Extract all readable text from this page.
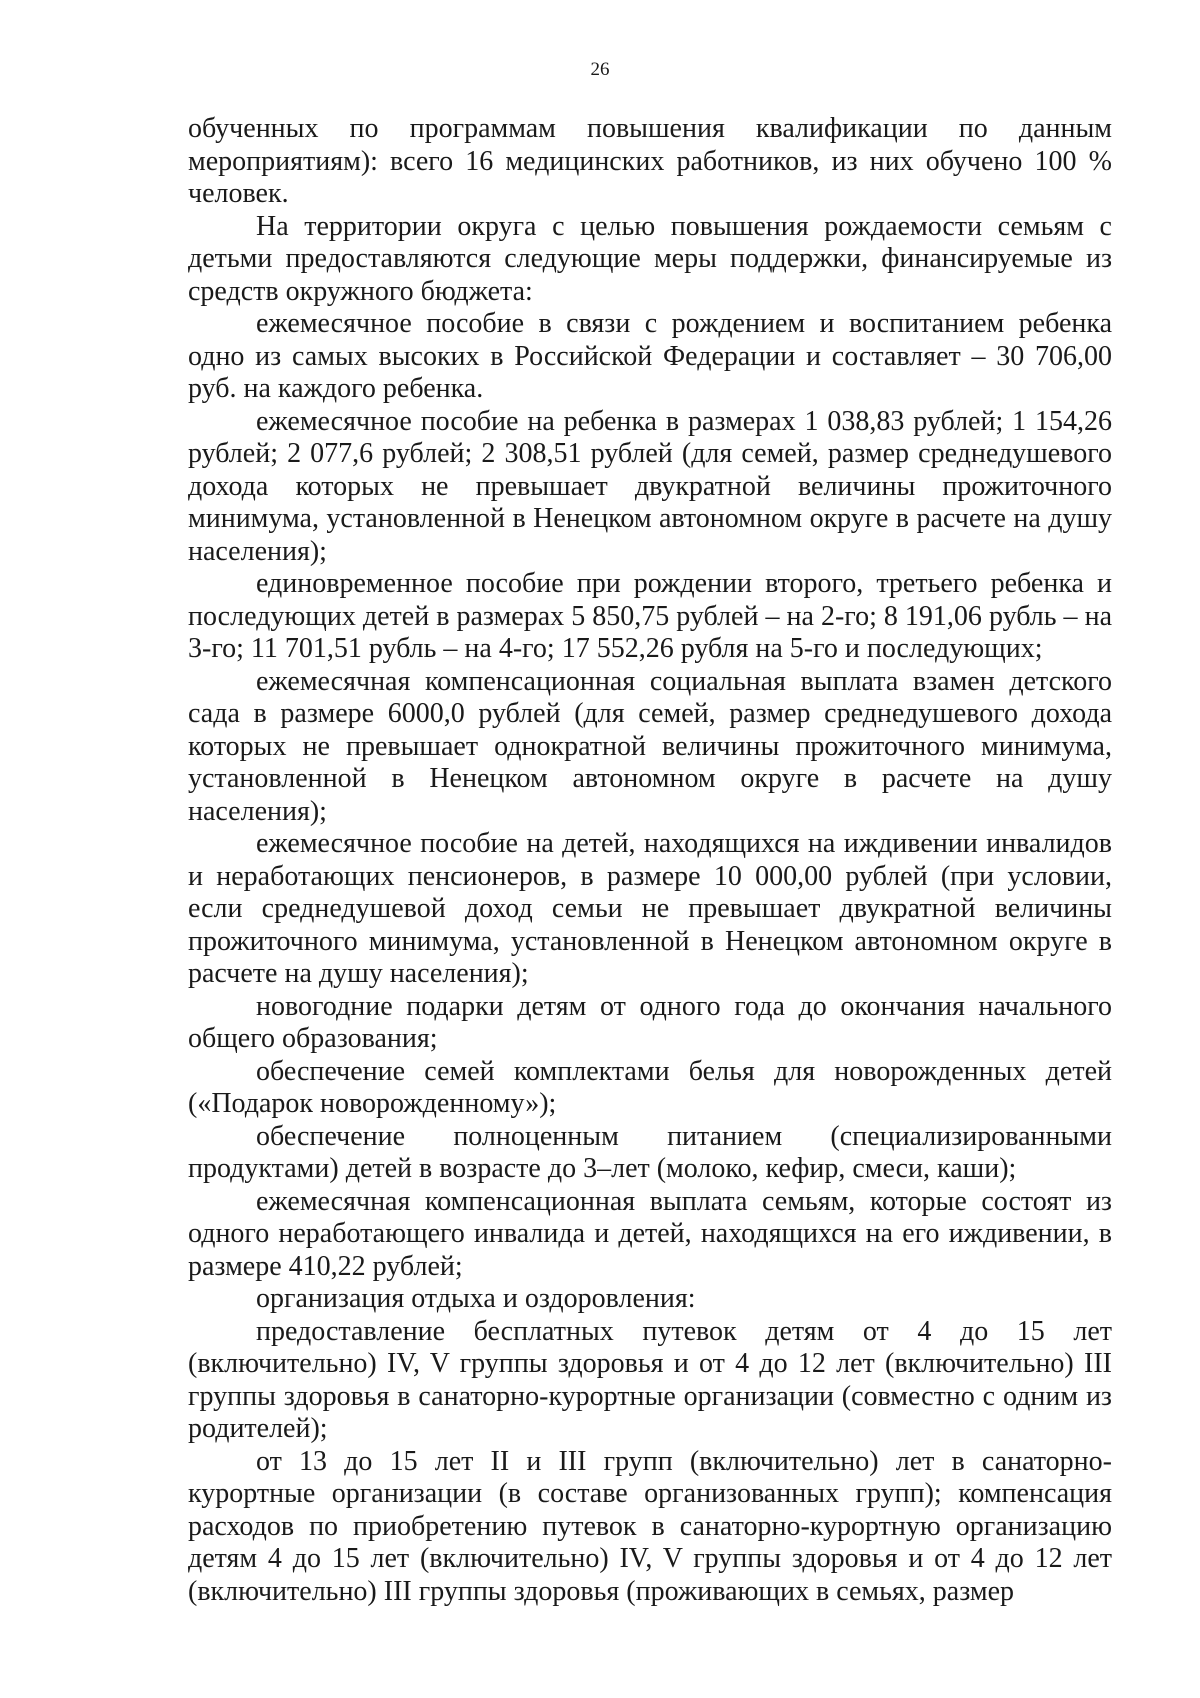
26

обученных по программам повышения квалификации по данным мероприятиям): всего 16 медицинских работников, из них обучено 100 % человек.

На территории округа с целью повышения рождаемости семьям с детьми предоставляются следующие меры поддержки, финансируемые из средств окружного бюджета:

ежемесячное пособие в связи с рождением и воспитанием ребенка одно из самых высоких в Российской Федерации и составляет – 30 706,00 руб. на каждого ребенка.

ежемесячное пособие на ребенка в размерах 1 038,83 рублей; 1 154,26 рублей; 2 077,6 рублей; 2 308,51 рублей (для семей, размер среднедушевого дохода которых не превышает двукратной величины прожиточного минимума, установленной в Ненецком автономном округе в расчете на душу населения);

единовременное пособие при рождении второго, третьего ребенка и последующих детей в размерах 5 850,75 рублей – на 2-го; 8 191,06 рубль – на 3-го; 11 701,51 рубль – на 4-го; 17 552,26 рубля на 5-го и последующих;

ежемесячная компенсационная социальная выплата взамен детского сада в размере 6000,0 рублей (для семей, размер среднедушевого дохода которых не превышает однократной величины прожиточного минимума, установленной в Ненецком автономном округе в расчете на душу населения);

ежемесячное пособие на детей, находящихся на иждивении инвалидов и неработающих пенсионеров, в размере 10 000,00 рублей (при условии, если среднедушевой доход семьи не превышает двукратной величины прожиточного минимума, установленной в Ненецком автономном округе в расчете на душу населения);

новогодние подарки детям от одного года до окончания начального общего образования;

обеспечение семей комплектами белья для новорожденных детей («Подарок новорожденному»);

обеспечение полноценным питанием (специализированными продуктами) детей в возрасте до 3–лет (молоко, кефир, смеси, каши);

ежемесячная компенсационная выплата семьям, которые состоят из одного неработающего инвалида и детей, находящихся на его иждивении, в размере 410,22 рублей;

организация отдыха и оздоровления:

предоставление бесплатных путевок детям от 4 до 15 лет (включительно) IV, V группы здоровья и от 4 до 12 лет (включительно) III группы здоровья в санаторно-курортные организации (совместно с одним из родителей);

от 13 до 15 лет II и III групп (включительно) лет в санаторно-курортные организации (в составе организованных групп); компенсация расходов по приобретению путевок в санаторно-курортную организацию детям 4 до 15 лет (включительно) IV, V группы здоровья и от 4 до 12 лет (включительно) III группы здоровья (проживающих в семьях, размер
